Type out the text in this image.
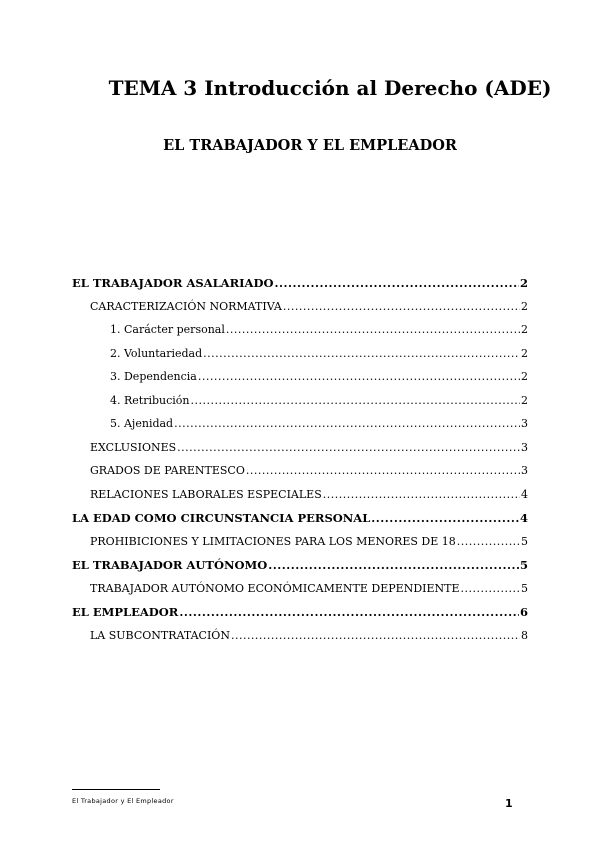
TEMA 3 Introducción al Derecho (ADE)
EL TRABAJADOR Y EL EMPLEADOR
EL TRABAJADOR ASALARIADO .....	2
CARACTERIZACIÓN NORMATIVA .....	2
1. Carácter personal .....	2
2. Voluntariedad .....	2
3. Dependencia .....	2
4. Retribución .....	2
5. Ajenidad .....	3
EXCLUSIONES .....	3
GRADOS DE PARENTESCO .....	3
RELACIONES LABORALES ESPECIALES .....	4
LA EDAD COMO CIRCUNSTANCIA PERSONAL .....	4
PROHIBICIONES Y LIMITACIONES PARA LOS MENORES DE 18 .....	5
EL TRABAJADOR AUTÓNOMO .....	5
TRABAJADOR AUTÓNOMO ECONÓMICAMENTE DEPENDIENTE .....	5
EL EMPLEADOR .....	6
LA SUBCONTRATACIÓN .....	8
El Trabajador y El Empleador	1
